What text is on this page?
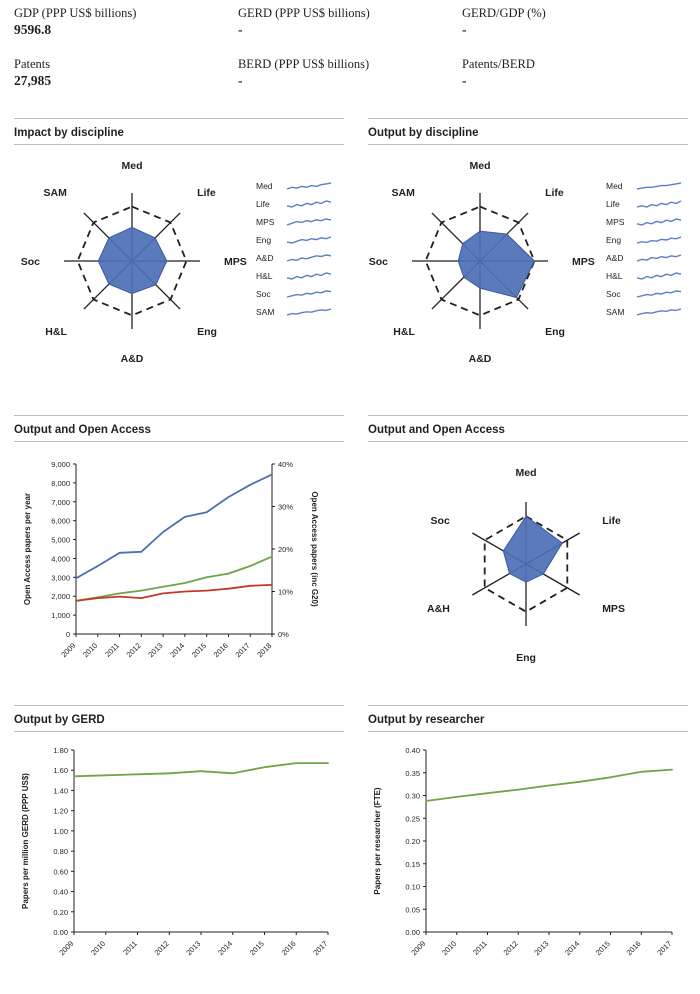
GDP (PPP US$ billions)
9596.8
GERD (PPP US$ billions)
-
GERD/GDP (%)
-
Patents
27,985
BERD (PPP US$ billions)
-
Patents/BERD
-
Impact by discipline
Med
Life
MPS
Eng
A&D
H&L
Soc
SAM
Med
Life
MPS
Eng
A&D
H&L
Soc
SAM
Output by discipline
Med
Life
MPS
Eng
A&D
H&L
Soc
SAM
Med
Life
MPS
Eng
A&D
H&L
Soc
SAM
Output and Open Access
0
1,000
2,000
3,000
4,000
5,000
6,000
7,000
8,000
9,000
0%
10%
20%
30%
40%
Open Access papers (inc G20)
2009 2010 2011 2012 2013 2014 2015 2016 2017 2018
Open Access papers per year
Output and Open Access
Med
Life
MPS
Eng
A&H
Soc
Output by GERD
0.00
0.20
0.40
0.60
0.80
1.00
1.20
1.40
1.60
1.80
2009 2010 2011 2012 2013 2014 2015 2016 2017
Papers per million GERD (PPP US$)
Output by researcher
0.00
0.05
0.10
0.15
0.20
0.25
0.30
0.35
0.40
2009 2010 2011 2012 2013 2014 2015 2016 2017
Papers per researcher (FTE)
